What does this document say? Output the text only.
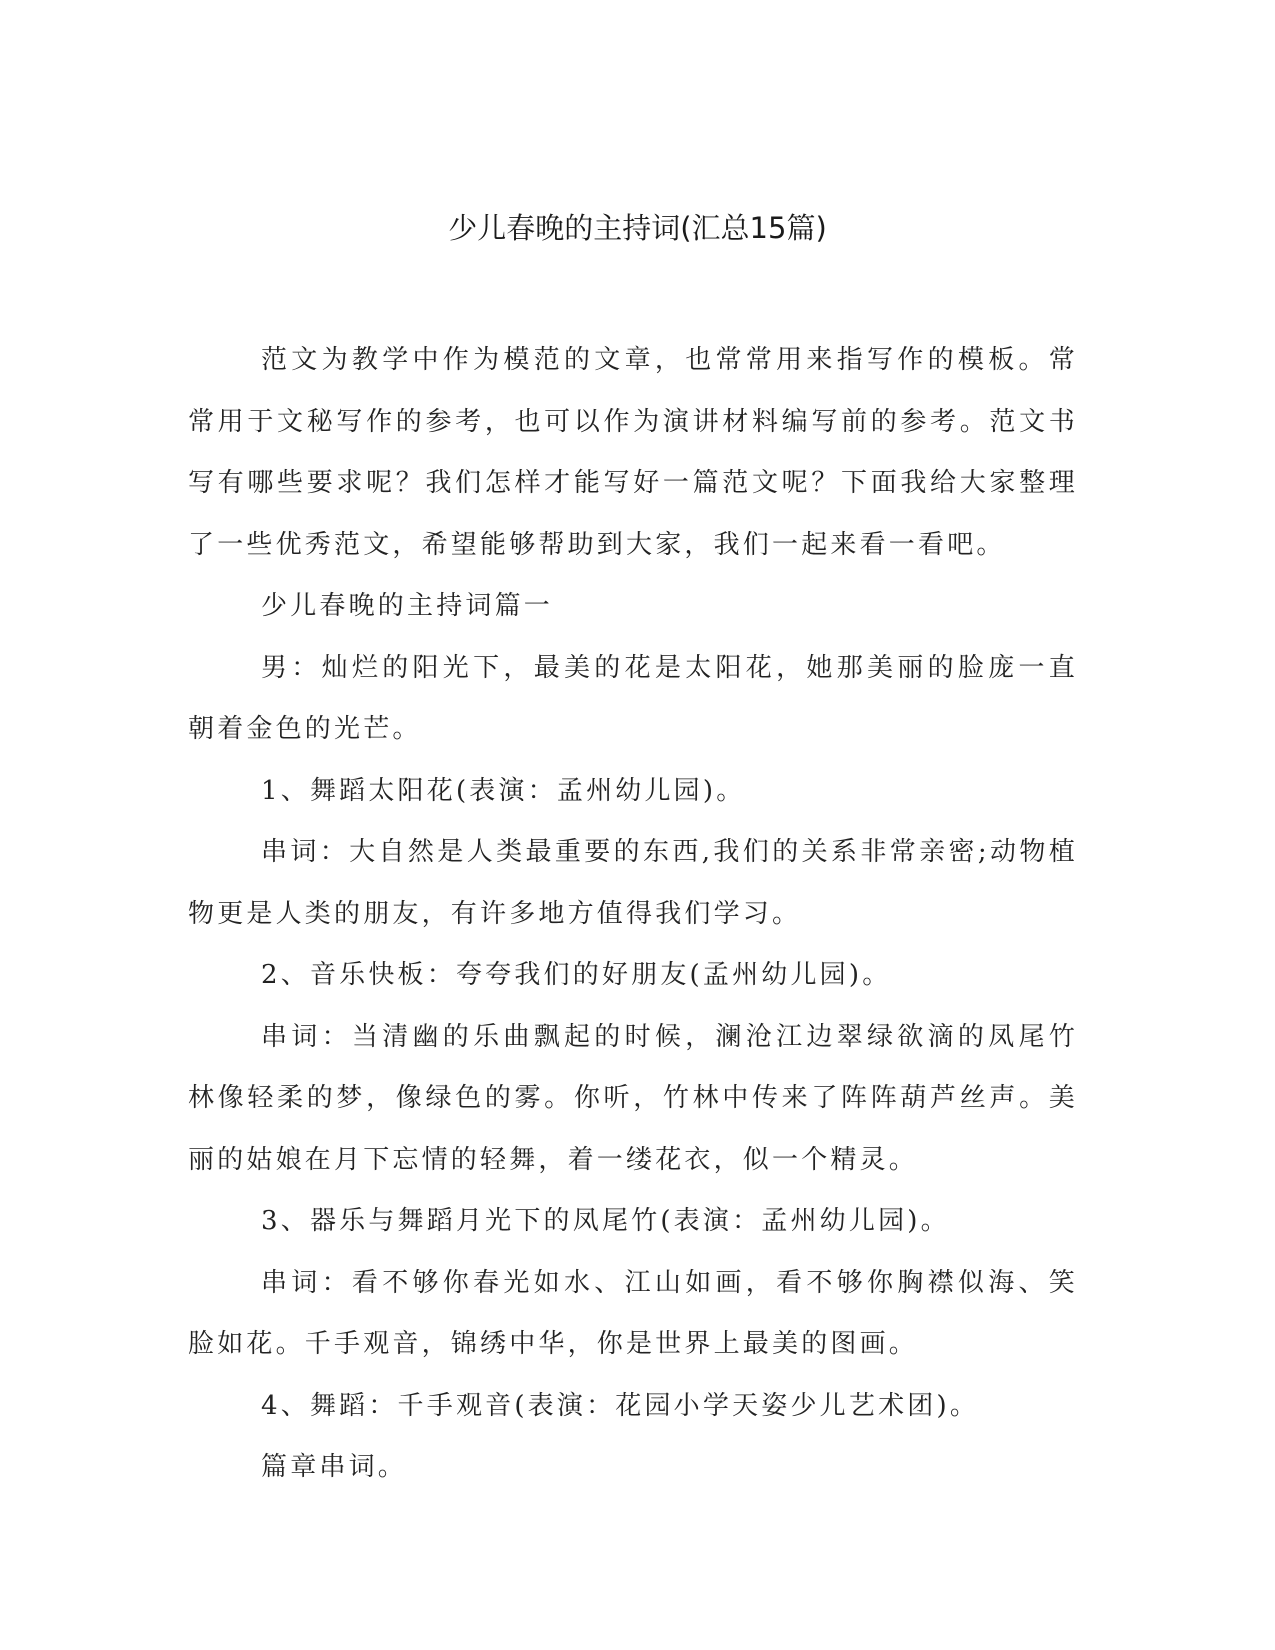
少儿春晚的主持词(汇总15篇)

范文为教学中作为模范的文章，也常常用来指写作的模板。常常用于文秘写作的参考，也可以作为演讲材料编写前的参考。范文书写有哪些要求呢？我们怎样才能写好一篇范文呢？下面我给大家整理了一些优秀范文，希望能够帮助到大家，我们一起来看一看吧。

少儿春晚的主持词篇一

男：灿烂的阳光下，最美的花是太阳花，她那美丽的脸庞一直朝着金色的光芒。

1、舞蹈太阳花(表演：孟州幼儿园)。

串词：大自然是人类最重要的东西,我们的关系非常亲密;动物植物更是人类的朋友，有许多地方值得我们学习。

2、音乐快板：夸夸我们的好朋友(孟州幼儿园)。

串词：当清幽的乐曲飘起的时候，澜沧江边翠绿欲滴的凤尾竹林像轻柔的梦，像绿色的雾。你听，竹林中传来了阵阵葫芦丝声。美丽的姑娘在月下忘情的轻舞，着一缕花衣，似一个精灵。

3、器乐与舞蹈月光下的凤尾竹(表演：孟州幼儿园)。

串词：看不够你春光如水、江山如画，看不够你胸襟似海、笑脸如花。千手观音，锦绣中华，你是世界上最美的图画。

4、舞蹈：千手观音(表演：花园小学天姿少儿艺术团)。

篇章串词。
